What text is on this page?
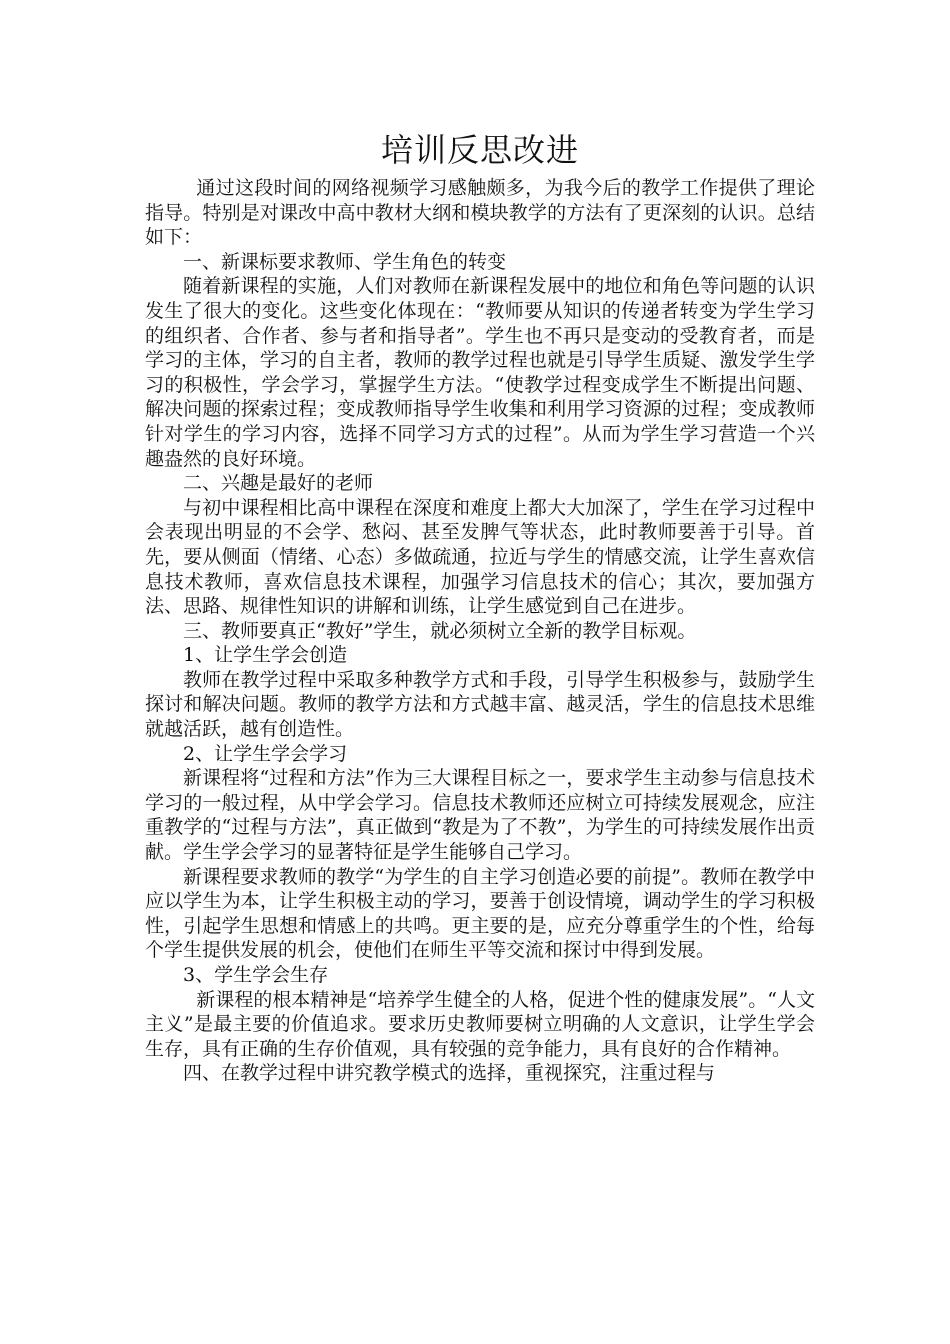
培训反思改进

通过这段时间的网络视频学习感触颇多，为我今后的教学工作提供了理论指导。特别是对课改中高中教材大纲和模块教学的方法有了更深刻的认识。总结如下：

一、新课标要求教师、学生角色的转变

随着新课程的实施，人们对教师在新课程发展中的地位和角色等问题的认识发生了很大的变化。这些变化体现在：“教师要从知识的传递者转变为学生学习的组织者、合作者、参与者和指导者”。学生也不再只是变动的受教育者，而是学习的主体，学习的自主者，教师的教学过程也就是引导学生质疑、激发学生学习的积极性，学会学习，掌握学生方法。“使教学过程变成学生不断提出问题、解决问题的探索过程；变成教师指导学生收集和利用学习资源的过程；变成教师针对学生的学习内容，选择不同学习方式的过程”。从而为学生学习营造一个兴趣盎然的良好环境。

二、兴趣是最好的老师

与初中课程相比高中课程在深度和难度上都大大加深了，学生在学习过程中会表现出明显的不会学、愁闷、甚至发脾气等状态，此时教师要善于引导。首先，要从侧面（情绪、心态）多做疏通，拉近与学生的情感交流，让学生喜欢信息技术教师，喜欢信息技术课程，加强学习信息技术的信心；其次，要加强方法、思路、规律性知识的讲解和训练，让学生感觉到自己在进步。

三、教师要真正“教好”学生，就必须树立全新的教学目标观。

1、让学生学会创造

教师在教学过程中采取多种教学方式和手段，引导学生积极参与，鼓励学生探讨和解决问题。教师的教学方法和方式越丰富、越灵活，学生的信息技术思维就越活跃，越有创造性。

2、让学生学会学习

新课程将“过程和方法”作为三大课程目标之一，要求学生主动参与信息技术学习的一般过程，从中学会学习。信息技术教师还应树立可持续发展观念，应注重教学的“过程与方法”，真正做到“教是为了不教”，为学生的可持续发展作出贡献。学生学会学习的显著特征是学生能够自己学习。

新课程要求教师的教学“为学生的自主学习创造必要的前提”。教师在教学中应以学生为本，让学生积极主动的学习，要善于创设情境，调动学生的学习积极性，引起学生思想和情感上的共鸣。更主要的是，应充分尊重学生的个性，给每个学生提供发展的机会，使他们在师生平等交流和探讨中得到发展。

3、学生学会生存

新课程的根本精神是“培养学生健全的人格，促进个性的健康发展”。“人文主义”是最主要的价值追求。要求历史教师要树立明确的人文意识，让学生学会生存，具有正确的生存价值观，具有较强的竞争能力，具有良好的合作精神。

四、在教学过程中讲究教学模式的选择，重视探究，注重过程与
